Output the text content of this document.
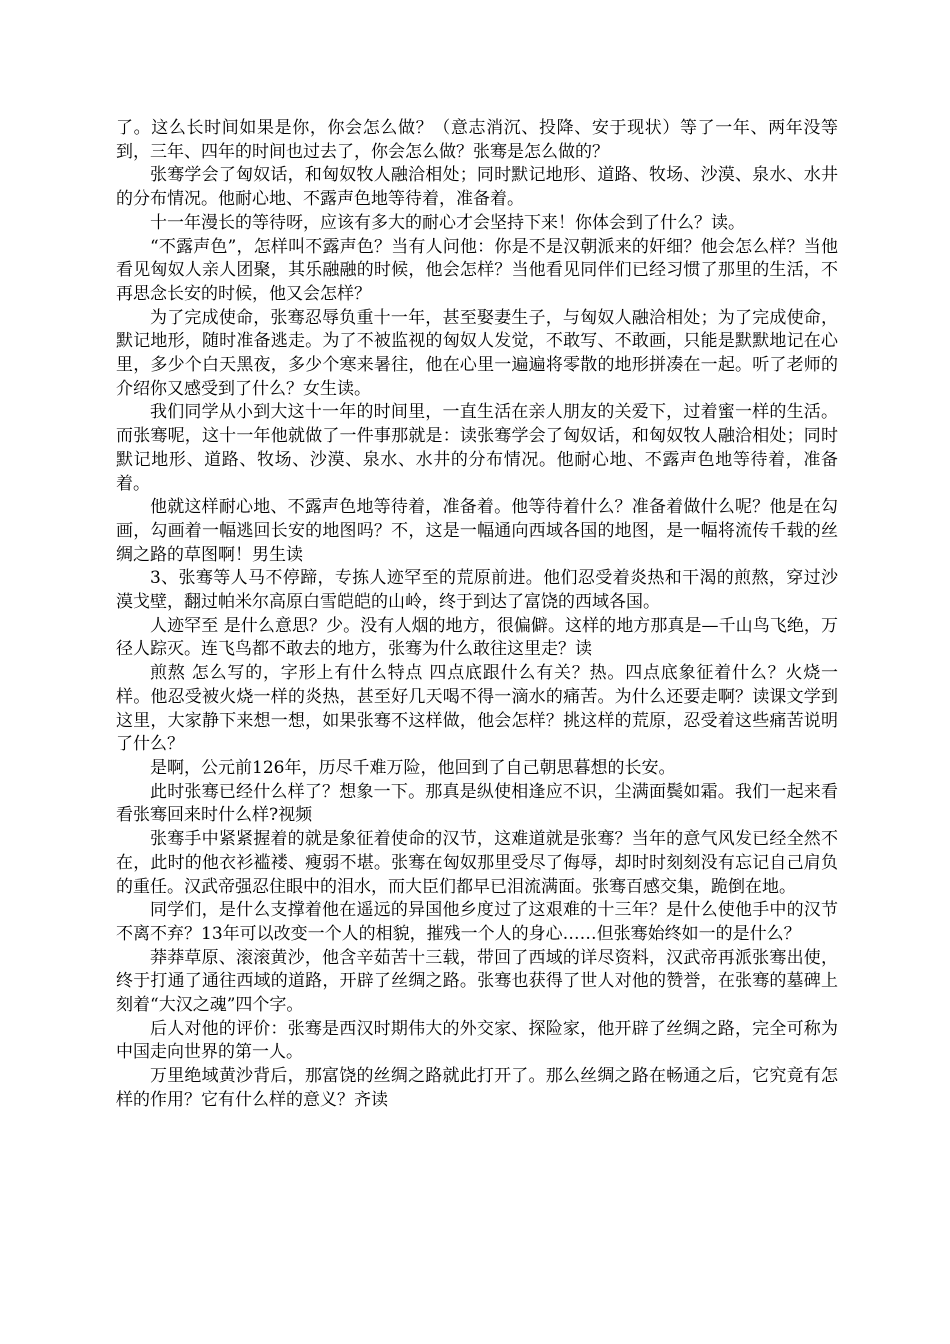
了。这么长时间如果是你，你会怎么做？（意志消沉、投降、安于现状）等了一年、两年没等到，三年、四年的时间也过去了，你会怎么做？张骞是怎么做的？

张骞学会了匈奴话，和匈奴牧人融洽相处；同时默记地形、道路、牧场、沙漠、泉水、水井的分布情况。他耐心地、不露声色地等待着，准备着。

十一年漫长的等待呀，应该有多大的耐心才会坚持下来！你体会到了什么？读。

“不露声色”，怎样叫不露声色？当有人问他：你是不是汉朝派来的奸细？他会怎么样？当他看见匈奴人亲人团聚，其乐融融的时候，他会怎样？当他看见同伴们已经习惯了那里的生活，不再思念长安的时候，他又会怎样？

为了完成使命，张骞忍辱负重十一年，甚至娶妻生子，与匈奴人融洽相处；为了完成使命，默记地形，随时准备逃走。为了不被监视的匈奴人发觉，不敢写、不敢画，只能是默默地记在心里，多少个白天黑夜，多少个寒来暑往，他在心里一遍遍将零散的地形拼凑在一起。听了老师的介绍你又感受到了什么？女生读。

我们同学从小到大这十一年的时间里，一直生活在亲人朋友的关爱下，过着蜜一样的生活。而张骞呢，这十一年他就做了一件事那就是：读张骞学会了匈奴话，和匈奴牧人融洽相处；同时默记地形、道路、牧场、沙漠、泉水、水井的分布情况。他耐心地、不露声色地等待着，准备着。

他就这样耐心地、不露声色地等待着，准备着。他等待着什么？准备着做什么呢？他是在勾画，勾画着一幅逃回长安的地图吗？不，这是一幅通向西域各国的地图，是一幅将流传千载的丝绸之路的草图啊！男生读

3、张骞等人马不停蹄，专拣人迹罕至的荒原前进。他们忍受着炎热和干渴的煎熬，穿过沙漠戈壁，翻过帕米尔高原白雪皑皑的山岭，终于到达了富饶的西域各国。

人迹罕至 是什么意思？少。没有人烟的地方，很偏僻。这样的地方那真是—千山鸟飞绝，万径人踪灭。连飞鸟都不敢去的地方，张骞为什么敢往这里走？读

煎熬 怎么写的，字形上有什么特点 四点底跟什么有关？热。四点底象征着什么？火烧一样。他忍受被火烧一样的炎热，甚至好几天喝不得一滴水的痛苦。为什么还要走啊？读课文学到这里，大家静下来想一想，如果张骞不这样做，他会怎样？挑这样的荒原，忍受着这些痛苦说明了什么？

是啊，公元前126年，历尽千难万险，他回到了自己朝思暮想的长安。

此时张骞已经什么样了？想象一下。那真是纵使相逢应不识，尘满面鬓如霜。我们一起来看看张骞回来时什么样?视频

张骞手中紧紧握着的就是象征着使命的汉节，这难道就是张骞？当年的意气风发已经全然不在，此时的他衣衫褴褛、瘦弱不堪。张骞在匈奴那里受尽了侮辱，却时时刻刻没有忘记自己肩负的重任。汉武帝强忍住眼中的泪水，而大臣们都早已泪流满面。张骞百感交集，跪倒在地。

同学们，是什么支撑着他在遥远的异国他乡度过了这艰难的十三年？是什么使他手中的汉节不离不弃？13年可以改变一个人的相貌，摧残一个人的身心……但张骞始终如一的是什么？

莽莽草原、滚滚黄沙，他含辛茹苦十三载，带回了西域的详尽资料，汉武帝再派张骞出使，终于打通了通往西域的道路，开辟了丝绸之路。张骞也获得了世人对他的赞誉，在张骞的墓碑上刻着“大汉之魂”四个字。

后人对他的评价：张骞是西汉时期伟大的外交家、探险家，他开辟了丝绸之路，完全可称为中国走向世界的第一人。

万里绝域黄沙背后，那富饶的丝绸之路就此打开了。那么丝绸之路在畅通之后，它究竟有怎样的作用？它有什么样的意义？齐读
